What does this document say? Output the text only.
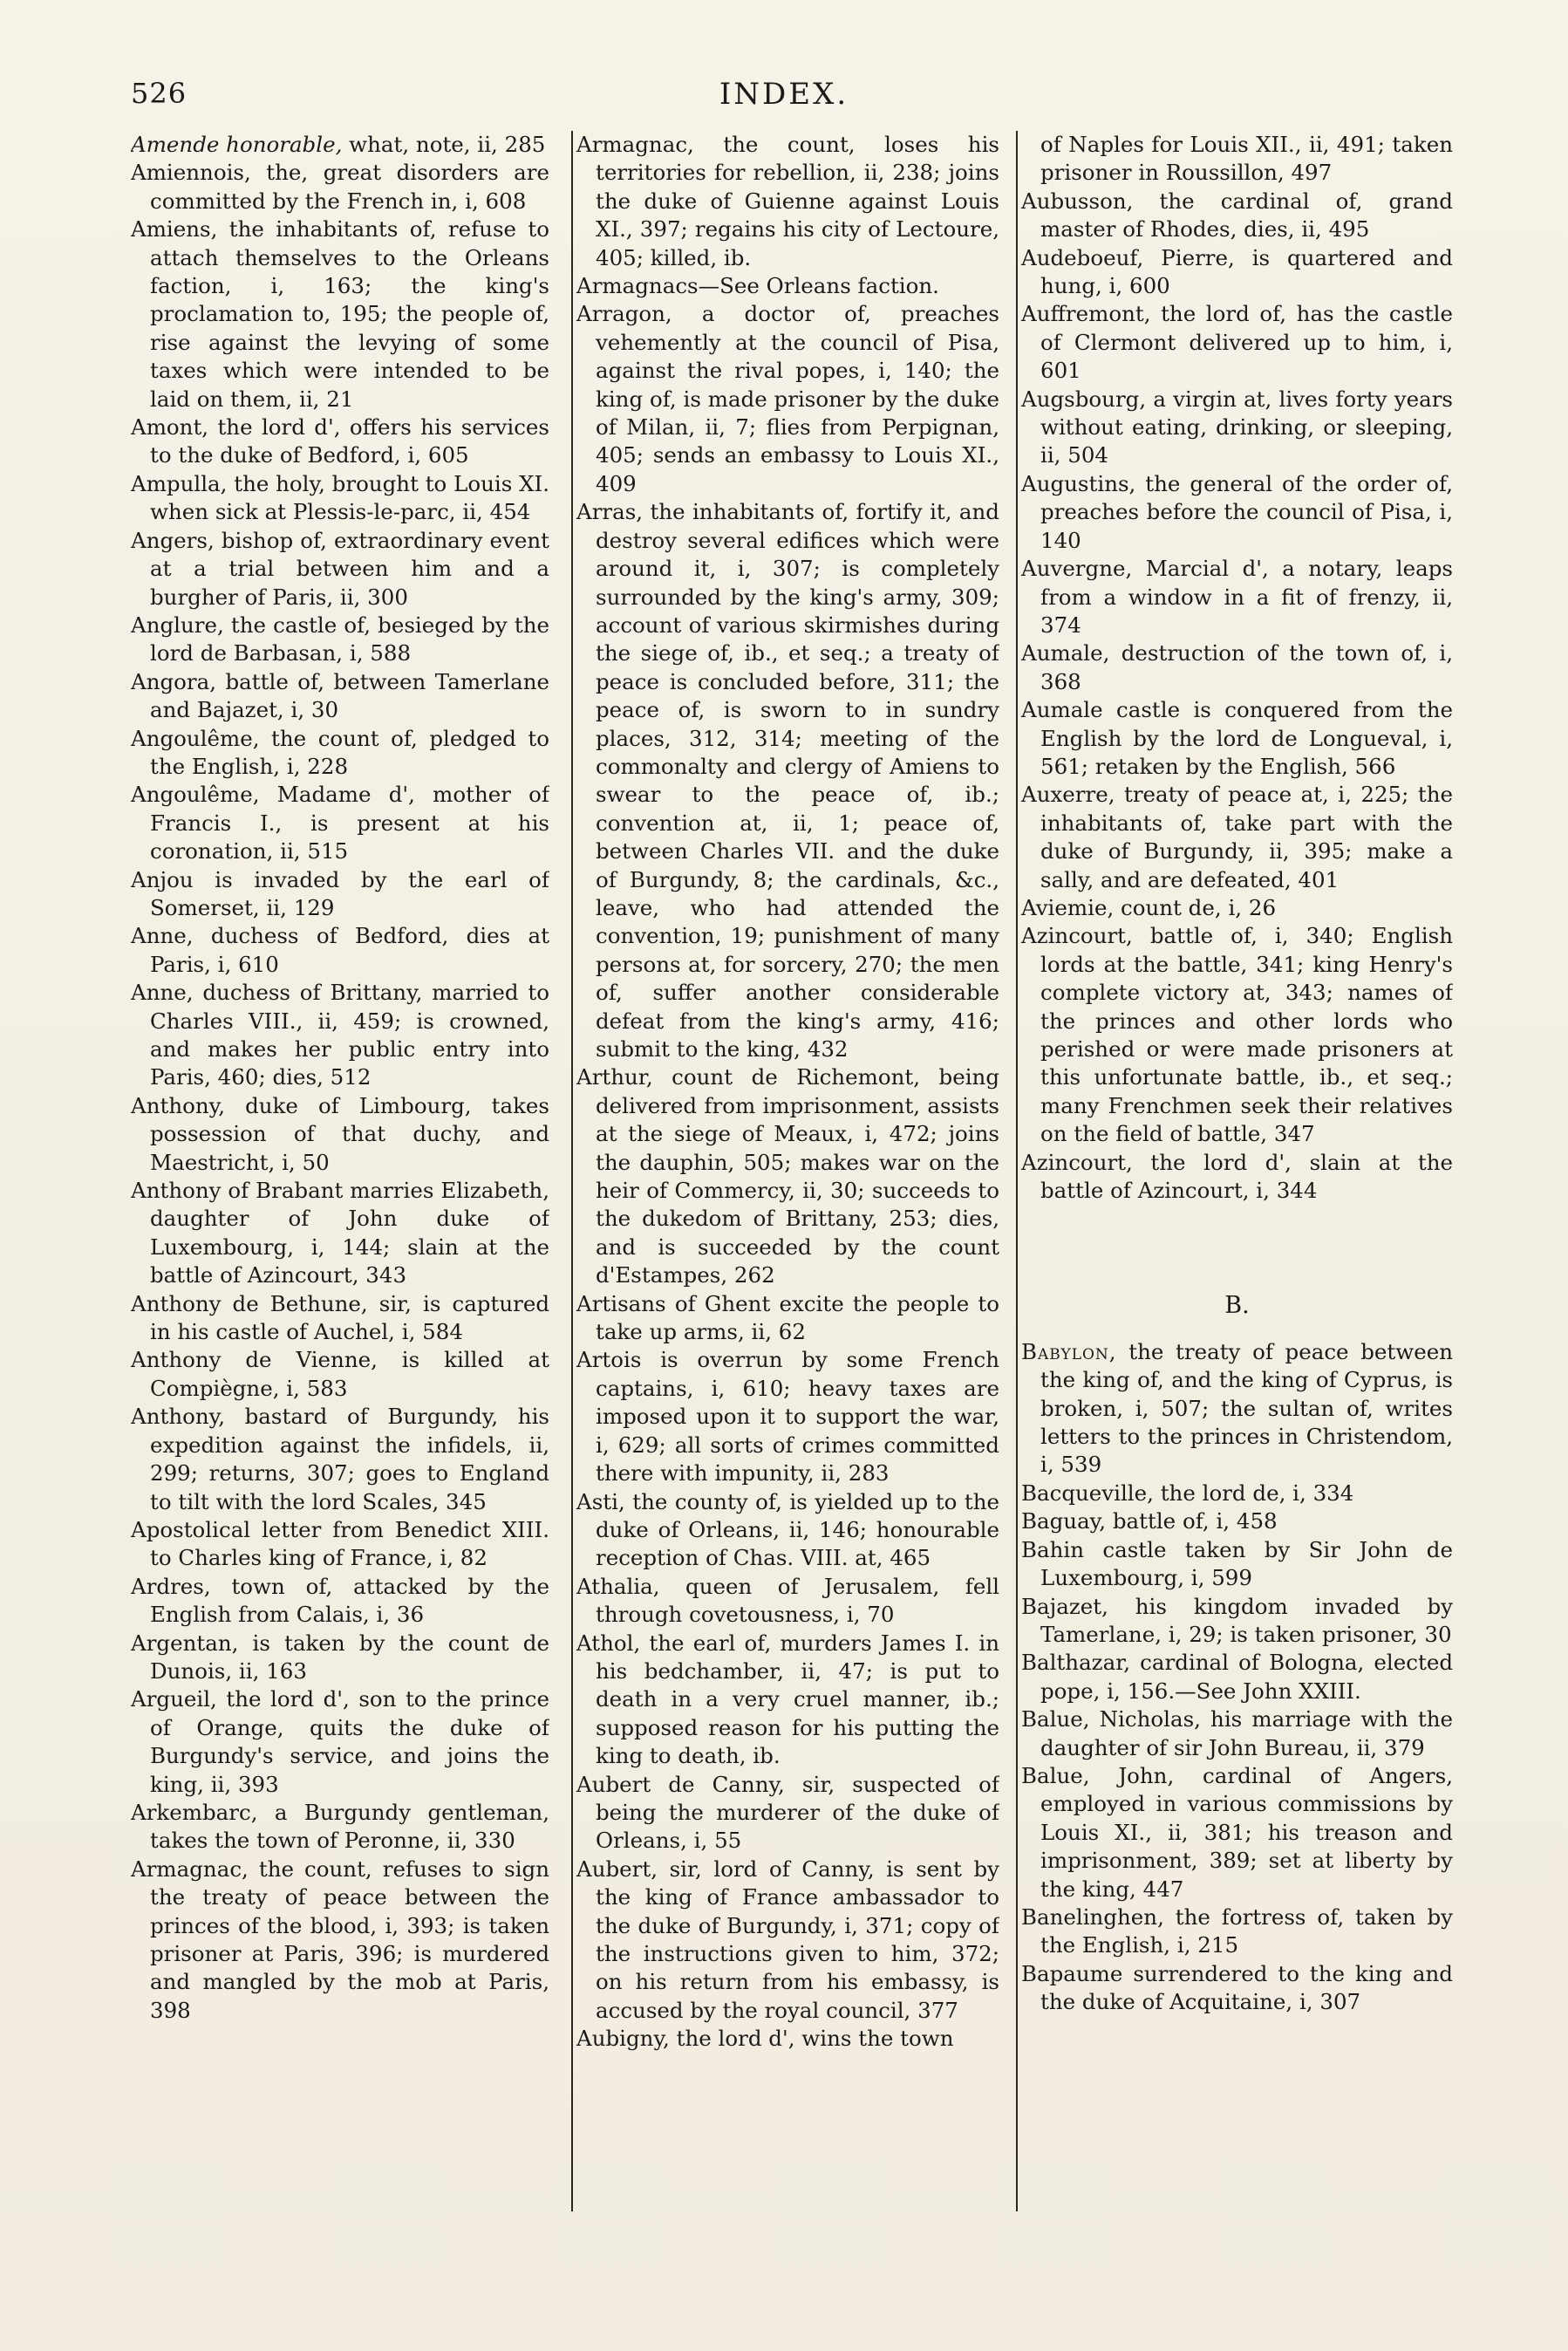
526	INDEX.

Amende honorable, what, note, ii, 285

Amiennois, the, great disorders are committed by the French in, i, 608

Amiens, the inhabitants of, refuse to attach themselves to the Orleans faction, i, 163; the king's proclamation to, 195; the people of, rise against the levying of some taxes which were intended to be laid on them, ii, 21

Amont, the lord d', offers his services to the duke of Bedford, i, 605

Ampulla, the holy, brought to Louis XI. when sick at Plessis-le-parc, ii, 454

Angers, bishop of, extraordinary event at a trial between him and a burgher of Paris, ii, 300

Anglure, the castle of, besieged by the lord de Barbasan, i, 588

Angora, battle of, between Tamerlane and Bajazet, i, 30

Angoulême, the count of, pledged to the English, i, 228

Angoulême, Madame d', mother of Francis I., is present at his coronation, ii, 515

Anjou is invaded by the earl of Somerset, ii, 129

Anne, duchess of Bedford, dies at Paris, i, 610

Anne, duchess of Brittany, married to Charles VIII., ii, 459; is crowned, and makes her public entry into Paris, 460; dies, 512

Anthony, duke of Limbourg, takes possession of that duchy, and Maestricht, i, 50

Anthony of Brabant marries Elizabeth, daughter of John duke of Luxembourg, i, 144; slain at the battle of Azincourt, 343

Anthony de Bethune, sir, is captured in his castle of Auchel, i, 584

Anthony de Vienne, is killed at Compiègne, i, 583

Anthony, bastard of Burgundy, his expedition against the infidels, ii, 299; returns, 307; goes to England to tilt with the lord Scales, 345

Apostolical letter from Benedict XIII. to Charles king of France, i, 82

Ardres, town of, attacked by the English from Calais, i, 36

Argentan, is taken by the count de Dunois, ii, 163

Argueil, the lord d', son to the prince of Orange, quits the duke of Burgundy's service, and joins the king, ii, 393

Arkembarc, a Burgundy gentleman, takes the town of Peronne, ii, 330

Armagnac, the count, refuses to sign the treaty of peace between the princes of the blood, i, 393; is taken prisoner at Paris, 396; is murdered and mangled by the mob at Paris, 398

Armagnac, the count, loses his territories for rebellion, ii, 238; joins the duke of Guienne against Louis XI., 397; regains his city of Lectoure, 405; killed, ib.

Armagnacs—See Orleans faction.

Arragon, a doctor of, preaches vehemently at the council of Pisa, against the rival popes, i, 140; the king of, is made prisoner by the duke of Milan, ii, 7; flies from Perpignan, 405; sends an embassy to Louis XI., 409

Arras, the inhabitants of, fortify it, and destroy several edifices which were around it, i, 307; is completely surrounded by the king's army, 309; account of various skirmishes during the siege of, ib., et seq.; a treaty of peace is concluded before, 311; the peace of, is sworn to in sundry places, 312, 314; meeting of the commonalty and clergy of Amiens to swear to the peace of, ib.; convention at, ii, 1; peace of, between Charles VII. and the duke of Burgundy, 8; the cardinals, &c., leave, who had attended the convention, 19; punishment of many persons at, for sorcery, 270; the men of, suffer another considerable defeat from the king's army, 416; submit to the king, 432

Arthur, count de Richemont, being delivered from imprisonment, assists at the siege of Meaux, i, 472; joins the dauphin, 505; makes war on the heir of Commercy, ii, 30; succeeds to the dukedom of Brittany, 253; dies, and is succeeded by the count d'Estampes, 262

Artisans of Ghent excite the people to take up arms, ii, 62

Artois is overrun by some French captains, i, 610; heavy taxes are imposed upon it to support the war, i, 629; all sorts of crimes committed there with impunity, ii, 283

Asti, the county of, is yielded up to the duke of Orleans, ii, 146; honourable reception of Chas. VIII. at, 465

Athalia, queen of Jerusalem, fell through covetousness, i, 70

Athol, the earl of, murders James I. in his bedchamber, ii, 47; is put to death in a very cruel manner, ib.; supposed reason for his putting the king to death, ib.

Aubert de Canny, sir, suspected of being the murderer of the duke of Orleans, i, 55

Aubert, sir, lord of Canny, is sent by the king of France ambassador to the duke of Burgundy, i, 371; copy of the instructions given to him, 372; on his return from his embassy, is accused by the royal council, 377

Aubigny, the lord d', wins the town

of Naples for Louis XII., ii, 491; taken prisoner in Roussillon, 497

Aubusson, the cardinal of, grand master of Rhodes, dies, ii, 495

Audeboeuf, Pierre, is quartered and hung, i, 600

Auffremont, the lord of, has the castle of Clermont delivered up to him, i, 601

Augsbourg, a virgin at, lives forty years without eating, drinking, or sleeping, ii, 504

Augustins, the general of the order of, preaches before the council of Pisa, i, 140

Auvergne, Marcial d', a notary, leaps from a window in a fit of frenzy, ii, 374

Aumale, destruction of the town of, i, 368

Aumale castle is conquered from the English by the lord de Longueval, i, 561; retaken by the English, 566

Auxerre, treaty of peace at, i, 225; the inhabitants of, take part with the duke of Burgundy, ii, 395; make a sally, and are defeated, 401

Aviemie, count de, i, 26

Azincourt, battle of, i, 340; English lords at the battle, 341; king Henry's complete victory at, 343; names of the princes and other lords who perished or were made prisoners at this unfortunate battle, ib., et seq.; many Frenchmen seek their relatives on the field of battle, 347

Azincourt, the lord d', slain at the battle of Azincourt, i, 344

B.

Babylon, the treaty of peace between the king of, and the king of Cyprus, is broken, i, 507; the sultan of, writes letters to the princes in Christendom, i, 539

Bacqueville, the lord de, i, 334

Baguay, battle of, i, 458

Bahin castle taken by Sir John de Luxembourg, i, 599

Bajazet, his kingdom invaded by Tamerlane, i, 29; is taken prisoner, 30

Balthazar, cardinal of Bologna, elected pope, i, 156.—See John XXIII.

Balue, Nicholas, his marriage with the daughter of sir John Bureau, ii, 379

Balue, John, cardinal of Angers, employed in various commissions by Louis XI., ii, 381; his treason and imprisonment, 389; set at liberty by the king, 447

Banelinghen, the fortress of, taken by the English, i, 215

Bapaume surrendered to the king and the duke of Acquitaine, i, 307
